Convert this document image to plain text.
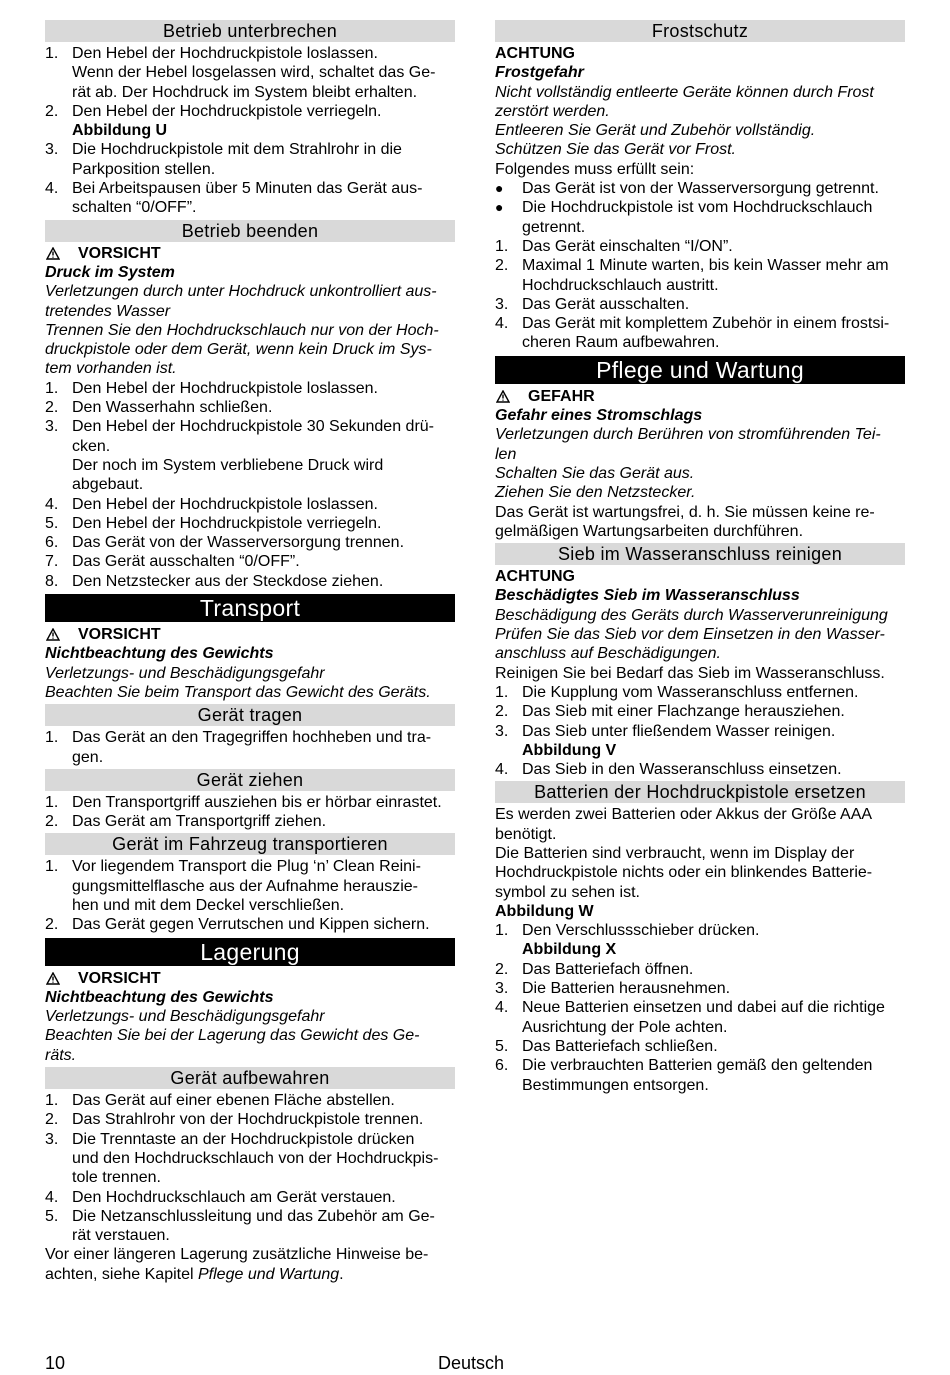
Betrieb unterbrechen
1. Den Hebel der Hochdruckpistole loslassen.
Wenn der Hebel losgelassen wird, schaltet das Ge-
rät ab. Der Hochdruck im System bleibt erhalten.
2. Den Hebel der Hochdruckpistole verriegeln.
Abbildung U
3. Die Hochdruckpistole mit dem Strahlrohr in die
Parkposition stellen.
4. Bei Arbeitspausen über 5 Minuten das Gerät aus-
schalten “0/OFF”.
Betrieb beenden
VORSICHT
Druck im System
Verletzungen durch unter Hochdruck unkontrolliert aus-
tretendes Wasser
Trennen Sie den Hochdruckschlauch nur von der Hoch-
druckpistole oder dem Gerät, wenn kein Druck im Sys-
tem vorhanden ist.
1. Den Hebel der Hochdruckpistole loslassen.
2. Den Wasserhahn schließen.
3. Den Hebel der Hochdruckpistole 30 Sekunden drü-
cken.
Der noch im System verbliebene Druck wird abgebaut.
4. Den Hebel der Hochdruckpistole loslassen.
5. Den Hebel der Hochdruckpistole verriegeln.
6. Das Gerät von der Wasserversorgung trennen.
7. Das Gerät ausschalten “0/OFF”.
8. Den Netzstecker aus der Steckdose ziehen.
Transport
VORSICHT
Nichtbeachtung des Gewichts
Verletzungs- und Beschädigungsgefahr
Beachten Sie beim Transport das Gewicht des Geräts.
Gerät tragen
1. Das Gerät an den Tragegriffen hochheben und tra-
gen.
Gerät ziehen
1. Den Transportgriff ausziehen bis er hörbar einrastet.
2. Das Gerät am Transportgriff ziehen.
Gerät im Fahrzeug transportieren
1. Vor liegendem Transport die Plug ‘n’ Clean Reini-
gungsmittelflasche aus der Aufnahme herauszie-
hen und mit dem Deckel verschließen.
2. Das Gerät gegen Verrutschen und Kippen sichern.
Lagerung
VORSICHT
Nichtbeachtung des Gewichts
Verletzungs- und Beschädigungsgefahr
Beachten Sie bei der Lagerung das Gewicht des Ge-
räts.
Gerät aufbewahren
1. Das Gerät auf einer ebenen Fläche abstellen.
2. Das Strahlrohr von der Hochdruckpistole trennen.
3. Die Trenntaste an der Hochdruckpistole drücken
und den Hochdruckschlauch von der Hochdruckpis-
tole trennen.
4. Den Hochdruckschlauch am Gerät verstauen.
5. Die Netzanschlussleitung und das Zubehör am Ge-
rät verstauen.
Vor einer längeren Lagerung zusätzliche Hinweise be-
achten, siehe Kapitel Pflege und Wartung.
Frostschutz
ACHTUNG
Frostgefahr
Nicht vollständig entleerte Geräte können durch Frost
zerstört werden.
Entleeren Sie Gerät und Zubehör vollständig.
Schützen Sie das Gerät vor Frost.
Folgendes muss erfüllt sein:
●	Das Gerät ist von der Wasserversorgung getrennt.
●	Die Hochdruckpistole ist vom Hochdruckschlauch
getrennt.
1. Das Gerät einschalten “I/ON”.
2. Maximal 1 Minute warten, bis kein Wasser mehr am
Hochdruckschlauch austritt.
3. Das Gerät ausschalten.
4. Das Gerät mit komplettem Zubehör in einem frostsi-
cheren Raum aufbewahren.
Pflege und Wartung
GEFAHR
Gefahr eines Stromschlags
Verletzungen durch Berühren von stromführenden Tei-
len
Schalten Sie das Gerät aus.
Ziehen Sie den Netzstecker.
Das Gerät ist wartungsfrei, d. h. Sie müssen keine re-
gelmäßigen Wartungsarbeiten durchführen.
Sieb im Wasseranschluss reinigen
ACHTUNG
Beschädigtes Sieb im Wasseranschluss
Beschädigung des Geräts durch Wasserverunreinigung
Prüfen Sie das Sieb vor dem Einsetzen in den Wasser-
anschluss auf Beschädigungen.
Reinigen Sie bei Bedarf das Sieb im Wasseranschluss.
1. Die Kupplung vom Wasseranschluss entfernen.
2. Das Sieb mit einer Flachzange herausziehen.
3. Das Sieb unter fließendem Wasser reinigen.
Abbildung V
4. Das Sieb in den Wasseranschluss einsetzen.
Batterien der Hochdruckpistole ersetzen
Es werden zwei Batterien oder Akkus der Größe AAA
benötigt.
Die Batterien sind verbraucht, wenn im Display der
Hochdruckpistole nichts oder ein blinkendes Batterie-
symbol zu sehen ist.
Abbildung W
1. Den Verschlussschieber drücken.
Abbildung X
2. Das Batteriefach öffnen.
3. Die Batterien herausnehmen.
4. Neue Batterien einsetzen und dabei auf die richtige
Ausrichtung der Pole achten.
5. Das Batteriefach schließen.
6. Die verbrauchten Batterien gemäß den geltenden
Bestimmungen entsorgen.
10	Deutsch
